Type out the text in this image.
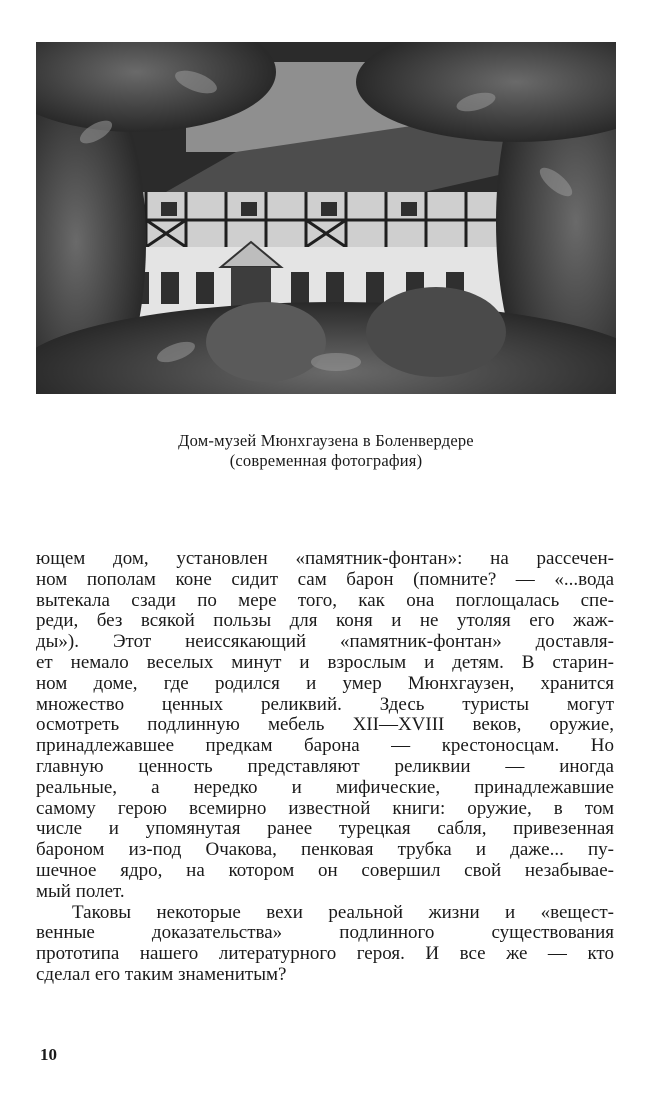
Дом-музей Мюнхгаузена в Боленвердере
(современная фотография)
ющем дом, установлен «памятник-фонтан»: на рассечен-
ном пополам коне сидит сам барон (помните? — «...вода
вытекала сзади по мере того, как она поглощалась спе-
реди, без всякой пользы для коня и не утоляя его жаж-
ды»). Этот неиссякающий «памятник-фонтан» доставля-
ет немало веселых минут и взрослым и детям. В старин-
ном доме, где родился и умер Мюнхгаузен, хранится
множество ценных реликвий. Здесь туристы могут
осмотреть подлинную мебель XII—XVIII веков, оружие,
принадлежавшее предкам барона — крестоносцам. Но
главную ценность представляют реликвии — иногда
реальные, а нередко и мифические, принадлежавшие
самому герою всемирно известной книги: оружие, в том
числе и упомянутая ранее турецкая сабля, привезенная
бароном из-под Очакова, пенковая трубка и даже... пу-
шечное ядро, на котором он совершил свой незабывае-
мый полет.
Таковы некоторые вехи реальной жизни и «вещест-
венные доказательства» подлинного существования
прототипа нашего литературного героя. И все же — кто
сделал его таким знаменитым?
10
